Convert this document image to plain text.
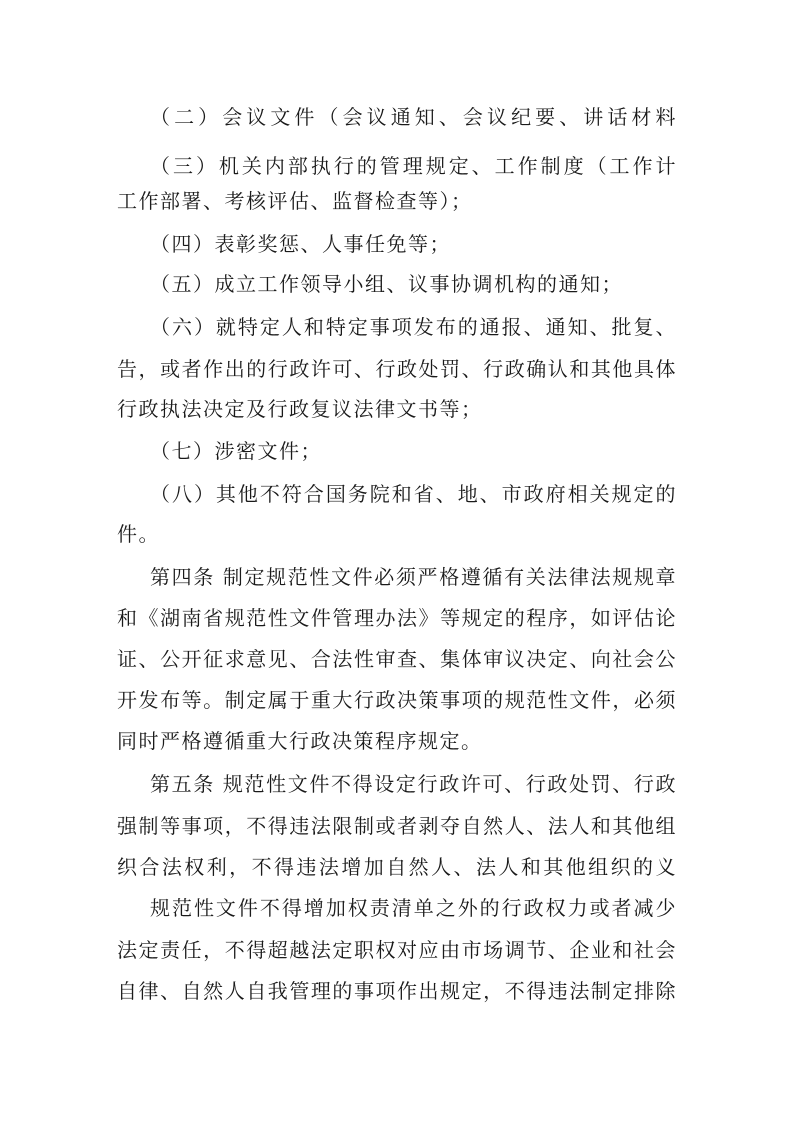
（二）会议文件（会议通知、会议纪要、讲话材料
（三）机关内部执行的管理规定、工作制度（工作计
工作部署、考核评估、监督检查等）；
（四）表彰奖惩、人事任免等；
（五）成立工作领导小组、议事协调机构的通知；
（六）就特定人和特定事项发布的通报、通知、批复、
告，或者作出的行政许可、行政处罚、行政确认和其他具体
行政执法决定及行政复议法律文书等；
（七）涉密文件；
（八）其他不符合国务院和省、地、市政府相关规定的
件。
第四条 制定规范性文件必须严格遵循有关法律法规规章
和《湖南省规范性文件管理办法》等规定的程序，如评估论
证、公开征求意见、合法性审查、集体审议决定、向社会公
开发布等。制定属于重大行政决策事项的规范性文件，必须
同时严格遵循重大行政决策程序规定。
第五条 规范性文件不得设定行政许可、行政处罚、行政
强制等事项，不得违法限制或者剥夺自然人、法人和其他组
织合法权利，不得违法增加自然人、法人和其他组织的义
规范性文件不得增加权责清单之外的行政权力或者减少
法定责任，不得超越法定职权对应由市场调节、企业和社会
自律、自然人自我管理的事项作出规定，不得违法制定排除
